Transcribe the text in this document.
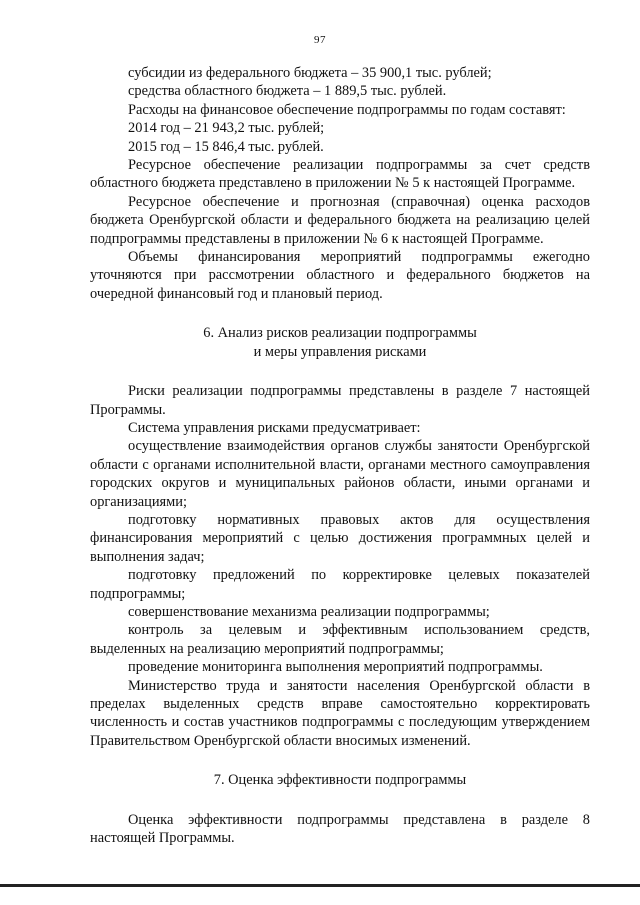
97

субсидии из федерального бюджета – 35 900,1 тыс. рублей;

средства областного бюджета – 1 889,5 тыс. рублей.

Расходы на финансовое обеспечение подпрограммы по годам составят:

2014 год – 21 943,2 тыс. рублей;

2015 год – 15 846,4 тыс. рублей.

Ресурсное обеспечение реализации подпрограммы за счет средств областного бюджета представлено в приложении № 5 к настоящей Программе.

Ресурсное обеспечение и прогнозная (справочная) оценка расходов бюджета Оренбургской области и федерального бюджета на реализацию целей подпрограммы представлены в приложении № 6 к настоящей Программе.

Объемы финансирования мероприятий подпрограммы ежегодно уточняются при рассмотрении областного и федерального бюджетов на очередной финансовый год и плановый период.

6. Анализ рисков реализации подпрограммы

и меры управления рисками

Риски реализации подпрограммы представлены в разделе 7 настоящей Программы.

Система управления рисками предусматривает:

осуществление взаимодействия органов службы занятости Оренбургской области с органами исполнительной власти, органами местного самоуправления городских округов и муниципальных районов области, иными органами и организациями;

подготовку нормативных правовых актов для осуществления финансирования мероприятий с целью достижения программных целей и выполнения задач;

подготовку предложений по корректировке целевых показателей подпрограммы;

совершенствование механизма реализации подпрограммы;

контроль за целевым и эффективным использованием средств, выделенных на реализацию мероприятий подпрограммы;

проведение мониторинга выполнения мероприятий подпрограммы.

Министерство труда и занятости населения Оренбургской области в пределах выделенных средств вправе самостоятельно корректировать численность и состав участников подпрограммы с последующим утверждением Правительством Оренбургской области вносимых изменений.

7. Оценка эффективности подпрограммы

Оценка эффективности подпрограммы представлена в разделе 8 настоящей Программы.
